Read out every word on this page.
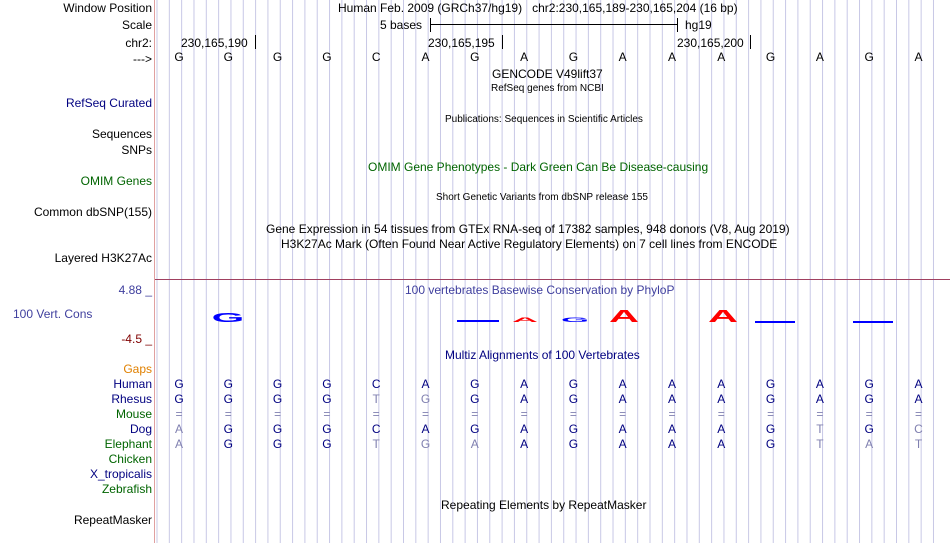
Window Position
Scale
chr2:
--->
Human Feb. 2009 (GRCh37/hg19)   chr2:230,165,189-230,165,204 (16 bp)
5 bases	hg19
230,165,190	230,165,195	230,165,200
G	G	G	G	C	A	G	A	G	A	A	A	G	A	G	A
GENCODE V49lift37
RefSeq genes from NCBI
RefSeq Curated
Publications: Sequences in Scientific Articles
Sequences
SNPs
OMIM Gene Phenotypes - Dark Green Can Be Disease-causing
OMIM Genes
Short Genetic Variants from dbSNP release 155
Common dbSNP(155)
Gene Expression in 54 tissues from GTEx RNA-seq of 17382 samples, 948 donors (V8, Aug 2019)
H3K27Ac Mark (Often Found Near Active Regulatory Elements) on 7 cell lines from ENCODE
Layered H3K27Ac
4.88 _	100 vertebrates Basewise Conservation by PhyloP
100 Vert. Cons
-4.5 _
G	A G A	A
Multiz Alignments of 100 Vertebrates
Gaps
Human	G	G	G	G	C	A	G	A	G	A	A	A	G	A	G	A
Rhesus	G	G	G	G	T	G	G	A	G	A	A	A	G	A	G	A
Mouse	=	=	=	=	=	=	=	=	=	=	=	=	=	=	=	=
Dog	A	G	G	G	C	A	G	A	G	A	A	A	G	T	G	C
Elephant	A	G	G	G	T	G	A	A	G	A	A	A	G	T	A	T
Chicken
X_tropicalis
Zebrafish
Repeating Elements by RepeatMasker
RepeatMasker
